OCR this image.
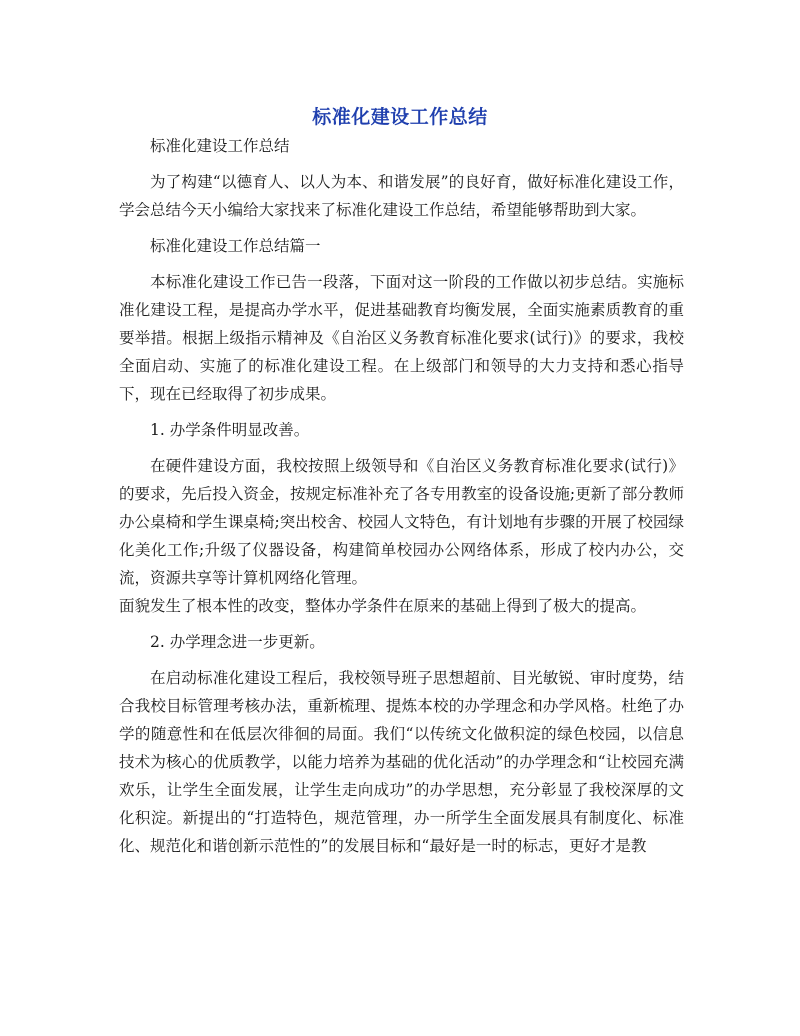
标准化建设工作总结

标准化建设工作总结

为了构建“以德育人、以人为本、和谐发展”的良好育，做好标准化建设工作，学会总结今天小编给大家找来了标准化建设工作总结，希望能够帮助到大家。

标准化建设工作总结篇一

本标准化建设工作已告一段落，下面对这一阶段的工作做以初步总结。实施标准化建设工程，是提高办学水平，促进基础教育均衡发展，全面实施素质教育的重要举措。根据上级指示精神及《自治区义务教育标准化要求(试行)》的要求，我校全面启动、实施了的标准化建设工程。在上级部门和领导的大力支持和悉心指导下，现在已经取得了初步成果。

1. 办学条件明显改善。

在硬件建设方面，我校按照上级领导和《自治区义务教育标准化要求(试行)》的要求，先后投入资金，按规定标准补充了各专用教室的设备设施;更新了部分教师办公桌椅和学生课桌椅;突出校舍、校园人文特色，有计划地有步骤的开展了校园绿化美化工作;升级了仪器设备，构建简单校园办公网络体系，形成了校内办公，交流，资源共享等计算机网络化管理。

面貌发生了根本性的改变，整体办学条件在原来的基础上得到了极大的提高。

2. 办学理念进一步更新。

在启动标准化建设工程后，我校领导班子思想超前、目光敏锐、审时度势，结合我校目标管理考核办法，重新梳理、提炼本校的办学理念和办学风格。杜绝了办学的随意性和在低层次徘徊的局面。我们“以传统文化做积淀的绿色校园，以信息技术为核心的优质教学，以能力培养为基础的优化活动”的办学理念和“让校园充满欢乐，让学生全面发展，让学生走向成功”的办学思想，充分彰显了我校深厚的文化积淀。新提出的“打造特色，规范管理，办一所学生全面发展具有制度化、标准化、规范化和谐创新示范性的”的发展目标和“最好是一时的标志，更好才是教
